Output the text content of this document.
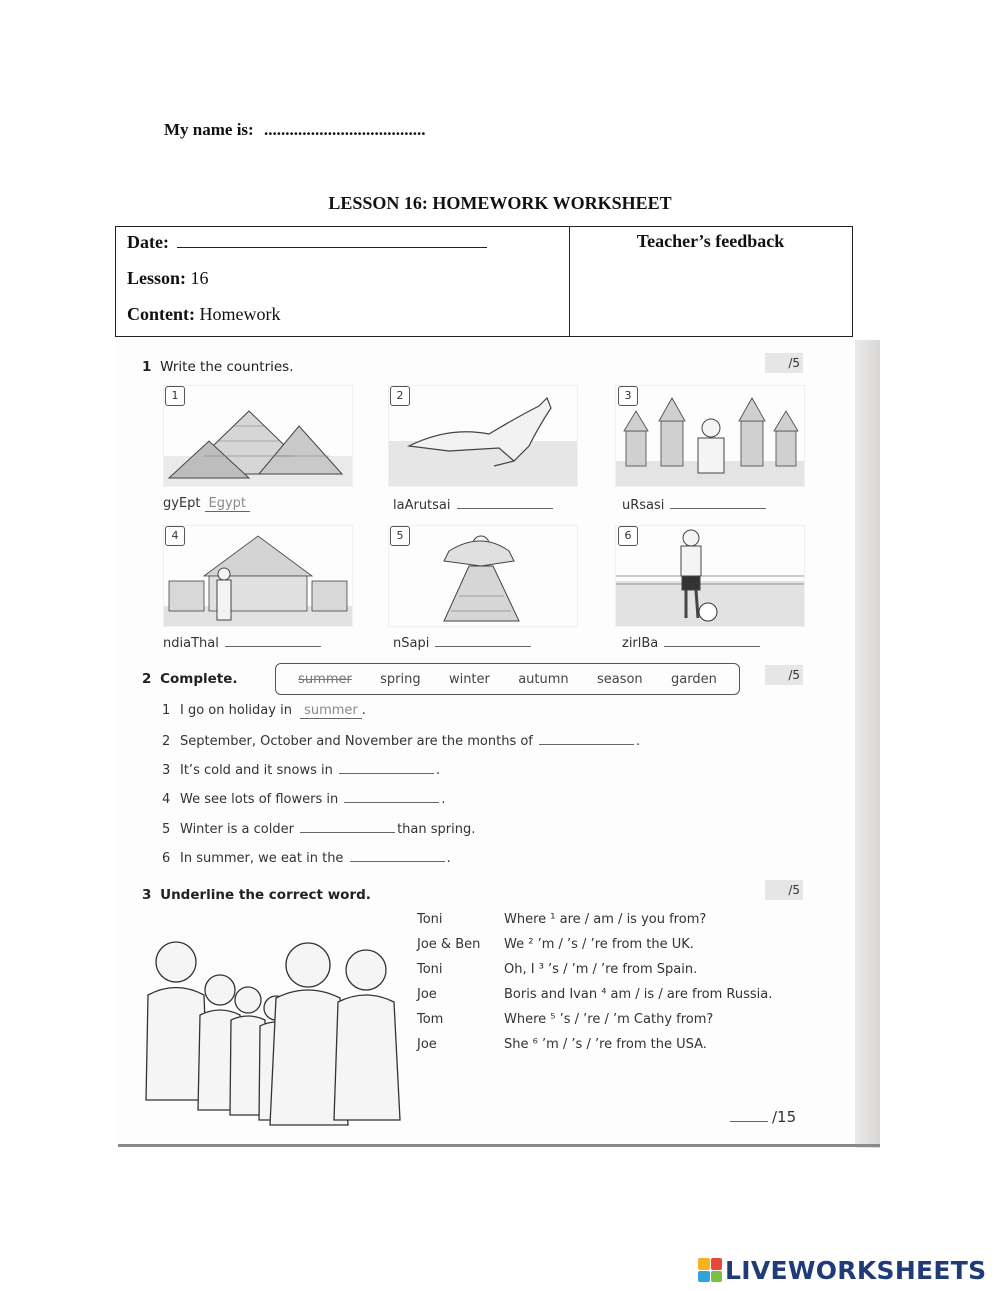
My name is: ......................................
LESSON 16: HOMEWORK WORKSHEET
Date:
Lesson: 16
Content: Homework
Teacher’s feedback
1 Write the countries.	/5
1	2	3
gyEpt Egypt	laArutsai	uRsasi
4	5	6
ndiaThal	nSapi	zirlBa
2 Complete.	/5
summer spring winter autumn season garden
1 I go on holiday in summer .
2 September, October and November are the months of	.
3 It’s cold and it snows in	.
4 We see lots of flowers in	.
5 Winter is a colder	than spring.
6 In summer, we eat in the	.
3 Underline the correct word.	/5
Toni	Where ¹ are / am / is you from?
Joe & Ben We ² ’m / ’s / ’re from the UK.
Toni	Oh, I ³ ’s / ’m / ’re from Spain.
Joe	Boris and Ivan ⁴ am / is / are from Russia.
Tom	Where ⁵ ’s / ’re / ’m Cathy from?
Joe	She ⁶ ’m / ’s / ’re from the USA.
/15
LIVEWORKSHEETS
